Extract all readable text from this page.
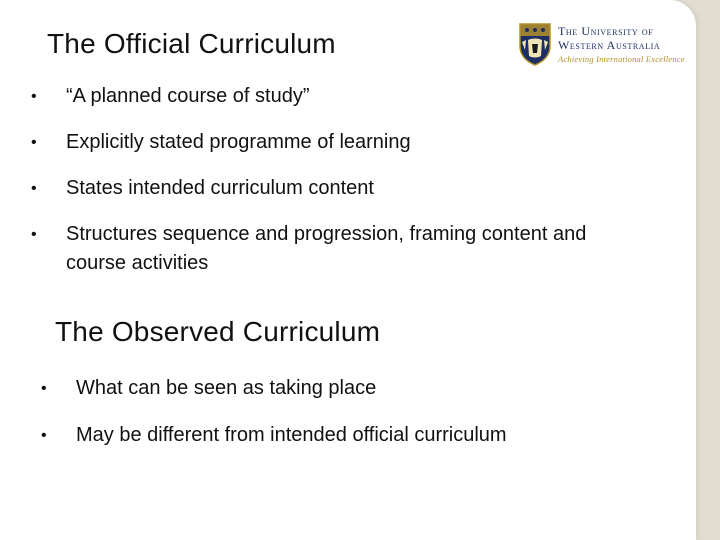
The Official Curriculum	The University of
Western Australia
Achieving International Excellence
• “A planned course of study”
• Explicitly stated programme of learning
• States intended curriculum content
• Structures sequence and progression, framing content and course activities
The Observed Curriculum
• What can be seen as taking place
• May be different from intended official curriculum
